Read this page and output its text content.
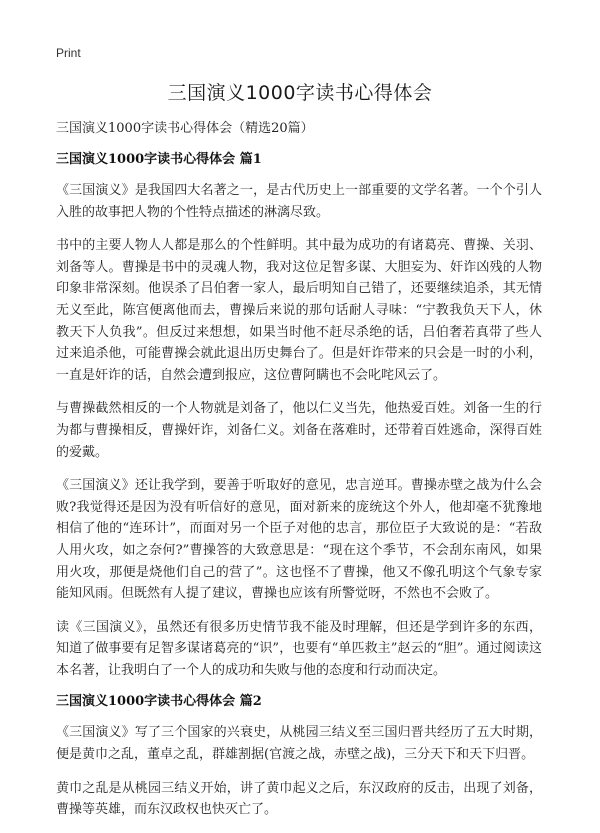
Print
三国演义1000字读书心得体会

三国演义1000字读书心得体会（精选20篇）

三国演义1000字读书心得体会 篇1

《三国演义》是我国四大名著之一，是古代历史上一部重要的文学名著。一个个引人入胜的故事把人物的个性特点描述的淋漓尽致。

书中的主要人物人人都是那么的个性鲜明。其中最为成功的有诸葛亮、曹操、关羽、刘备等人。曹操是书中的灵魂人物，我对这位足智多谋、大胆妄为、奸诈凶残的人物印象非常深刻。他误杀了吕伯奢一家人，最后明知自己错了，还要继续追杀，其无情无义至此，陈宫便离他而去，曹操后来说的那句话耐人寻味：“宁教我负天下人，休教天下人负我”。但反过来想想，如果当时他不赶尽杀绝的话，吕伯奢若真带了些人过来追杀他，可能曹操会就此退出历史舞台了。但是奸诈带来的只会是一时的小利，一直是奸诈的话，自然会遭到报应，这位曹阿瞒也不会叱咤风云了。

与曹操截然相反的一个人物就是刘备了，他以仁义当先，他热爱百姓。刘备一生的行为都与曹操相反，曹操奸诈，刘备仁义。刘备在落难时，还带着百姓逃命，深得百姓的爱戴。

《三国演义》还让我学到，要善于听取好的意见，忠言逆耳。曹操赤壁之战为什么会败?我觉得还是因为没有听信好的意见，面对新来的庞统这个外人，他却毫不犹豫地相信了他的“连环计”，而面对另一个臣子对他的忠言，那位臣子大致说的是：“若敌人用火攻，如之奈何?”曹操答的大致意思是：“现在这个季节，不会刮东南风，如果用火攻，那便是烧他们自己的营了”。这也怪不了曹操，他又不像孔明这个气象专家能知风雨。但既然有人提了建议，曹操也应该有所警觉呀，不然也不会败了。

读《三国演义》，虽然还有很多历史情节我不能及时理解，但还是学到许多的东西，知道了做事要有足智多谋诸葛亮的“识”，也要有“单匹救主”赵云的“胆”。通过阅读这本名著，让我明白了一个人的成功和失败与他的态度和行动而决定。

三国演义1000字读书心得体会 篇2

《三国演义》写了三个国家的兴衰史，从桃园三结义至三国归晋共经历了五大时期，便是黄巾之乱，董卓之乱，群雄割据(官渡之战，赤壁之战)，三分天下和天下归晋。

黄巾之乱是从桃园三结义开始，讲了黄巾起义之后，东汉政府的反击，出现了刘备，曹操等英雄，而东汉政权也快灭亡了。
